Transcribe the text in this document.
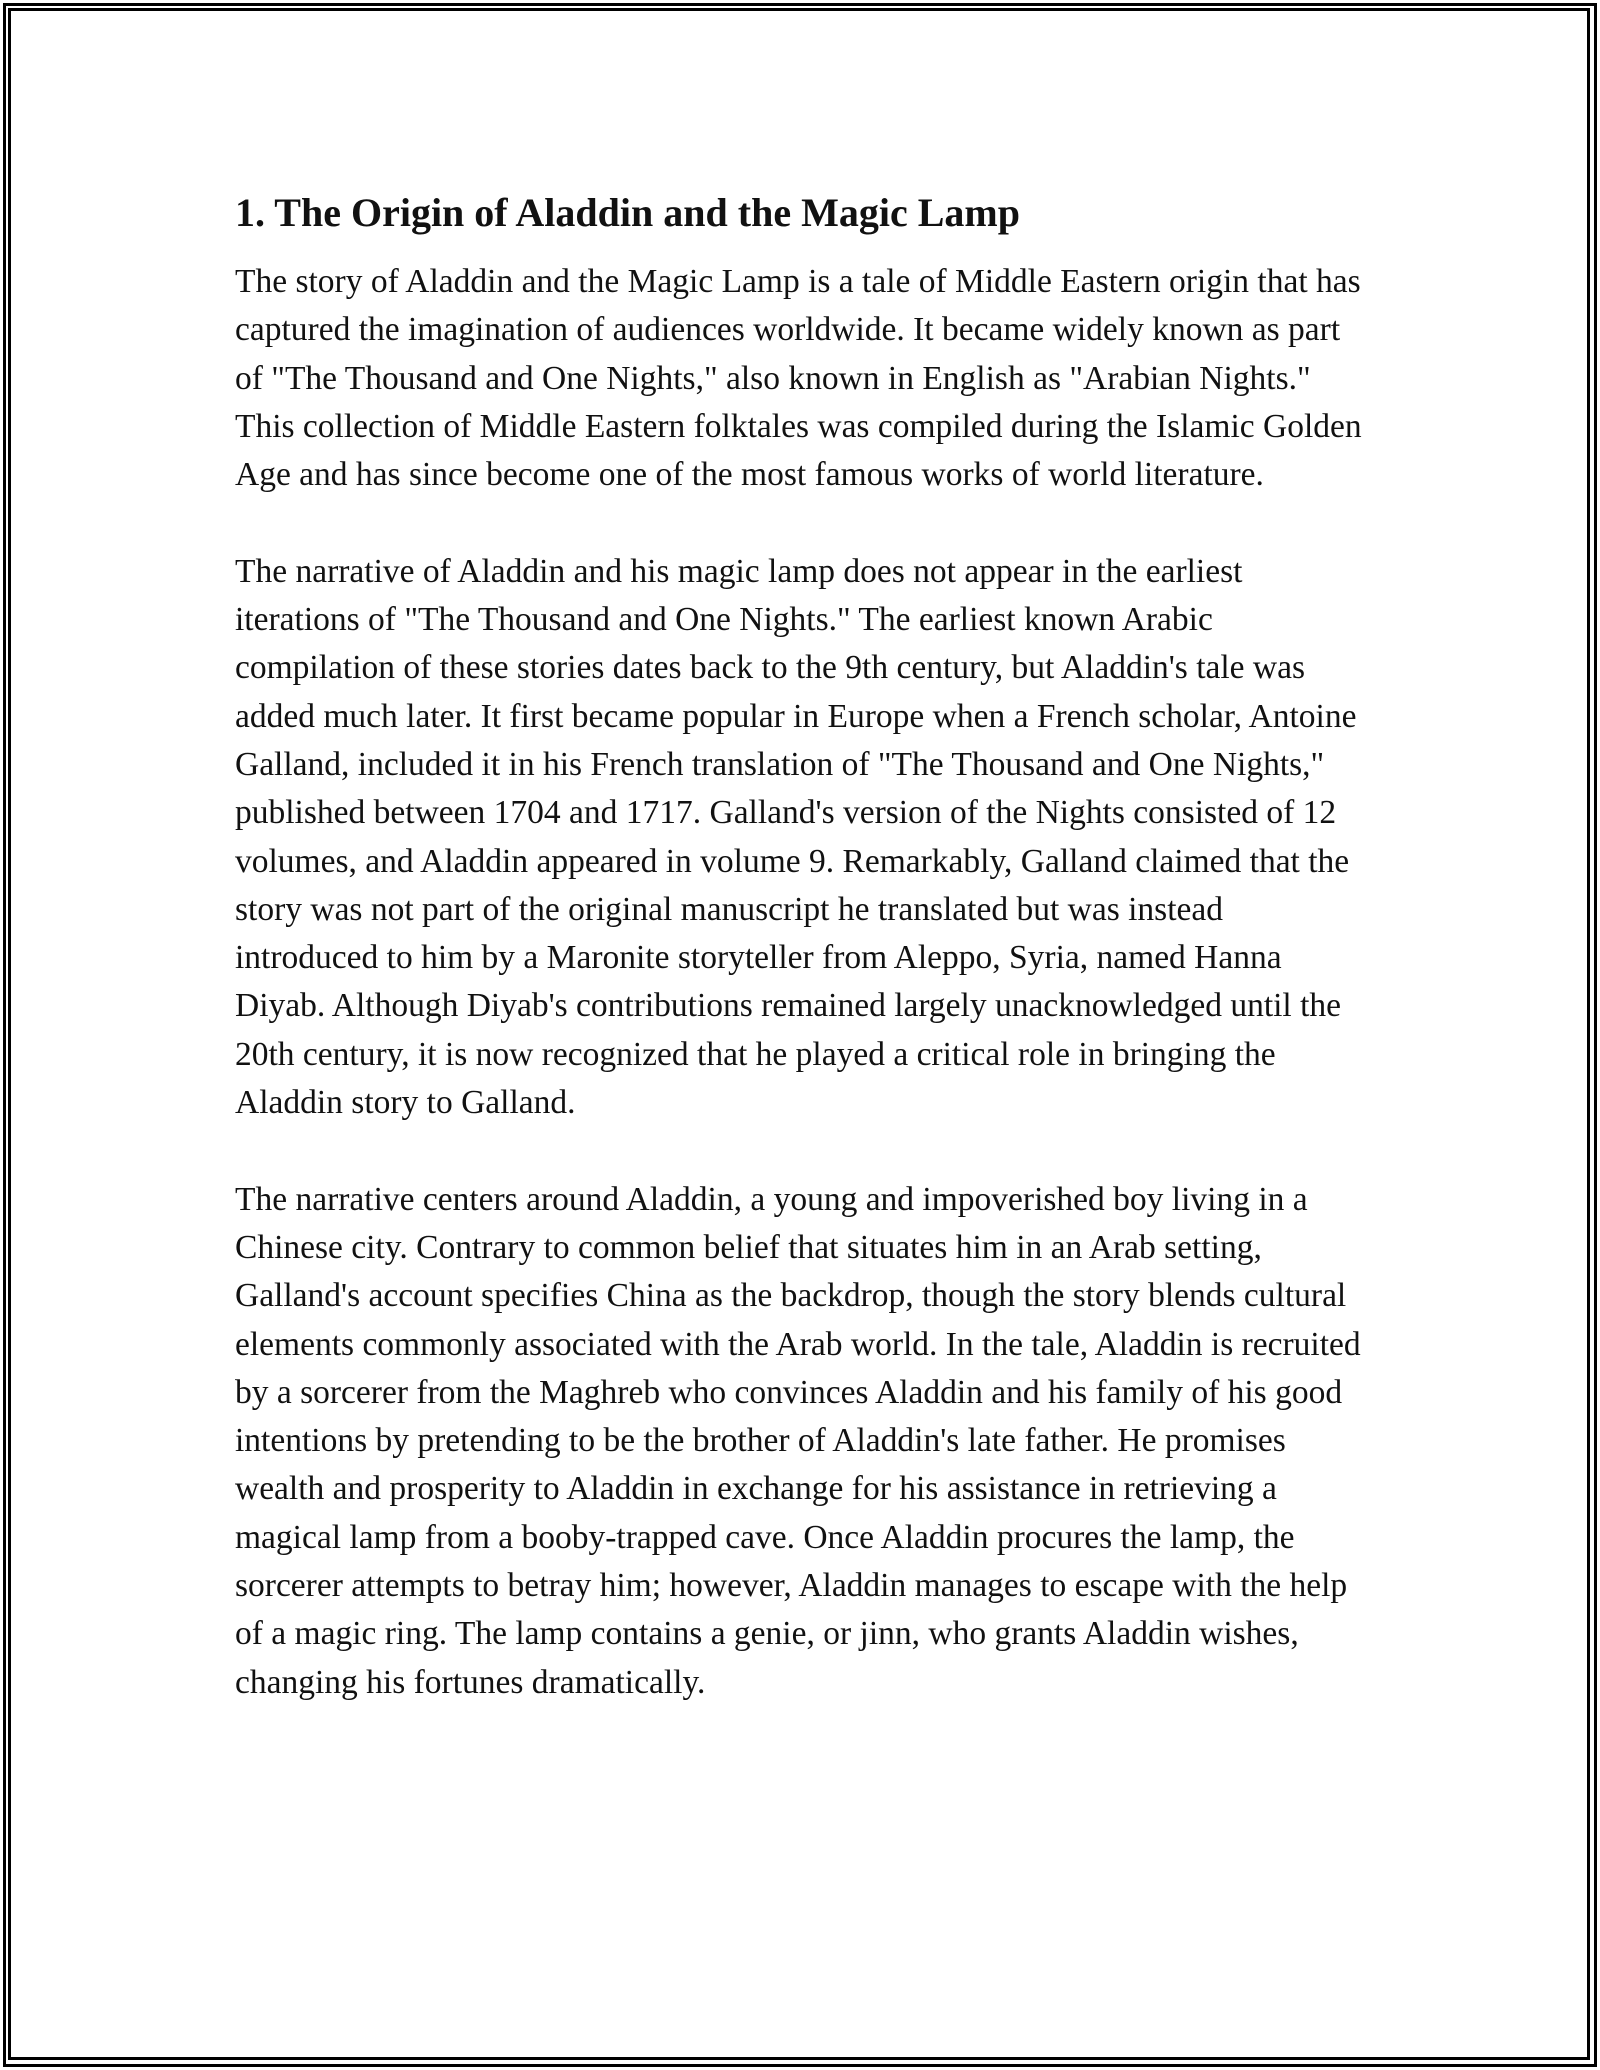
1. The Origin of Aladdin and the Magic Lamp

The story of Aladdin and the Magic Lamp is a tale of Middle Eastern origin that has captured the imagination of audiences worldwide. It became widely known as part of "The Thousand and One Nights," also known in English as "Arabian Nights." This collection of Middle Eastern folktales was compiled during the Islamic Golden Age and has since become one of the most famous works of world literature.

The narrative of Aladdin and his magic lamp does not appear in the earliest iterations of "The Thousand and One Nights." The earliest known Arabic compilation of these stories dates back to the 9th century, but Aladdin's tale was added much later. It first became popular in Europe when a French scholar, Antoine Galland, included it in his French translation of "The Thousand and One Nights," published between 1704 and 1717. Galland's version of the Nights consisted of 12 volumes, and Aladdin appeared in volume 9. Remarkably, Galland claimed that the story was not part of the original manuscript he translated but was instead introduced to him by a Maronite storyteller from Aleppo, Syria, named Hanna Diyab. Although Diyab's contributions remained largely unacknowledged until the 20th century, it is now recognized that he played a critical role in bringing the Aladdin story to Galland.

The narrative centers around Aladdin, a young and impoverished boy living in a Chinese city. Contrary to common belief that situates him in an Arab setting, Galland's account specifies China as the backdrop, though the story blends cultural elements commonly associated with the Arab world. In the tale, Aladdin is recruited by a sorcerer from the Maghreb who convinces Aladdin and his family of his good intentions by pretending to be the brother of Aladdin's late father. He promises wealth and prosperity to Aladdin in exchange for his assistance in retrieving a magical lamp from a booby-trapped cave. Once Aladdin procures the lamp, the sorcerer attempts to betray him; however, Aladdin manages to escape with the help of a magic ring. The lamp contains a genie, or jinn, who grants Aladdin wishes, changing his fortunes dramatically.
